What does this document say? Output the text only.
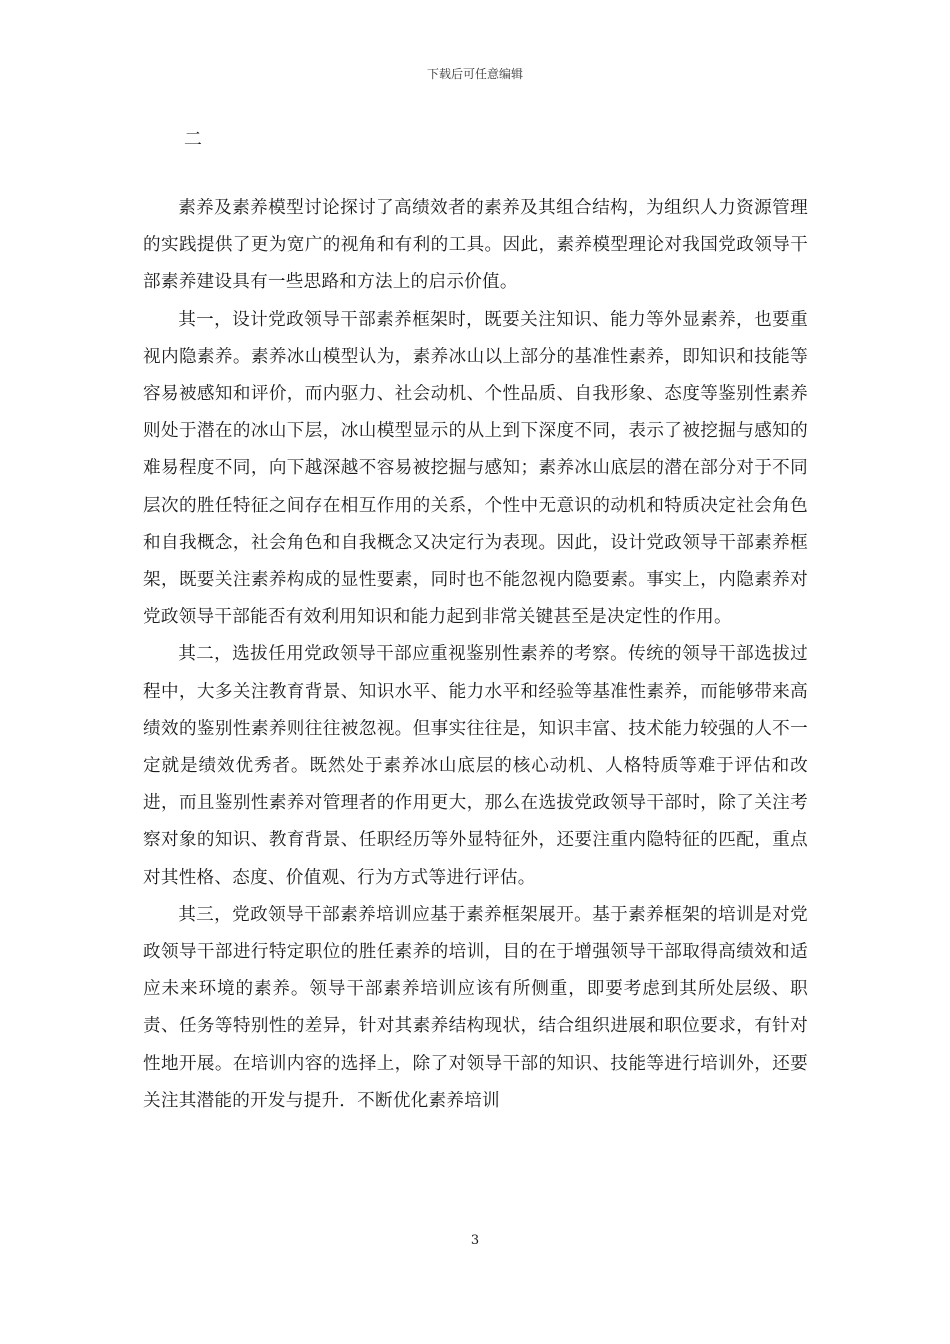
下载后可任意编辑
二

素养及素养模型讨论探讨了高绩效者的素养及其组合结构，为组织人力资源管理的实践提供了更为宽广的视角和有利的工具。因此，素养模型理论对我国党政领导干部素养建设具有一些思路和方法上的启示价值。

其一，设计党政领导干部素养框架时，既要关注知识、能力等外显素养，也要重视内隐素养。素养冰山模型认为，素养冰山以上部分的基准性素养，即知识和技能等容易被感知和评价，而内驱力、社会动机、个性品质、自我形象、态度等鉴别性素养则处于潜在的冰山下层，冰山模型显示的从上到下深度不同，表示了被挖掘与感知的难易程度不同，向下越深越不容易被挖掘与感知；素养冰山底层的潜在部分对于不同层次的胜任特征之间存在相互作用的关系，个性中无意识的动机和特质决定社会角色和自我概念，社会角色和自我概念又决定行为表现。因此，设计党政领导干部素养框架，既要关注素养构成的显性要素，同时也不能忽视内隐要素。事实上，内隐素养对党政领导干部能否有效利用知识和能力起到非常关键甚至是决定性的作用。

其二，选拔任用党政领导干部应重视鉴别性素养的考察。传统的领导干部选拔过程中，大多关注教育背景、知识水平、能力水平和经验等基准性素养，而能够带来高绩效的鉴别性素养则往往被忽视。但事实往往是，知识丰富、技术能力较强的人不一定就是绩效优秀者。既然处于素养冰山底层的核心动机、人格特质等难于评估和改进，而且鉴别性素养对管理者的作用更大，那么在选拔党政领导干部时，除了关注考察对象的知识、教育背景、任职经历等外显特征外，还要注重内隐特征的匹配，重点对其性格、态度、价值观、行为方式等进行评估。

其三，党政领导干部素养培训应基于素养框架展开。基于素养框架的培训是对党政领导干部进行特定职位的胜任素养的培训，目的在于增强领导干部取得高绩效和适应未来环境的素养。领导干部素养培训应该有所侧重，即要考虑到其所处层级、职责、任务等特别性的差异，针对其素养结构现状，结合组织进展和职位要求，有针对性地开展。在培训内容的选择上，除了对领导干部的知识、技能等进行培训外，还要关注其潜能的开发与提升．不断优化素养培训

3
